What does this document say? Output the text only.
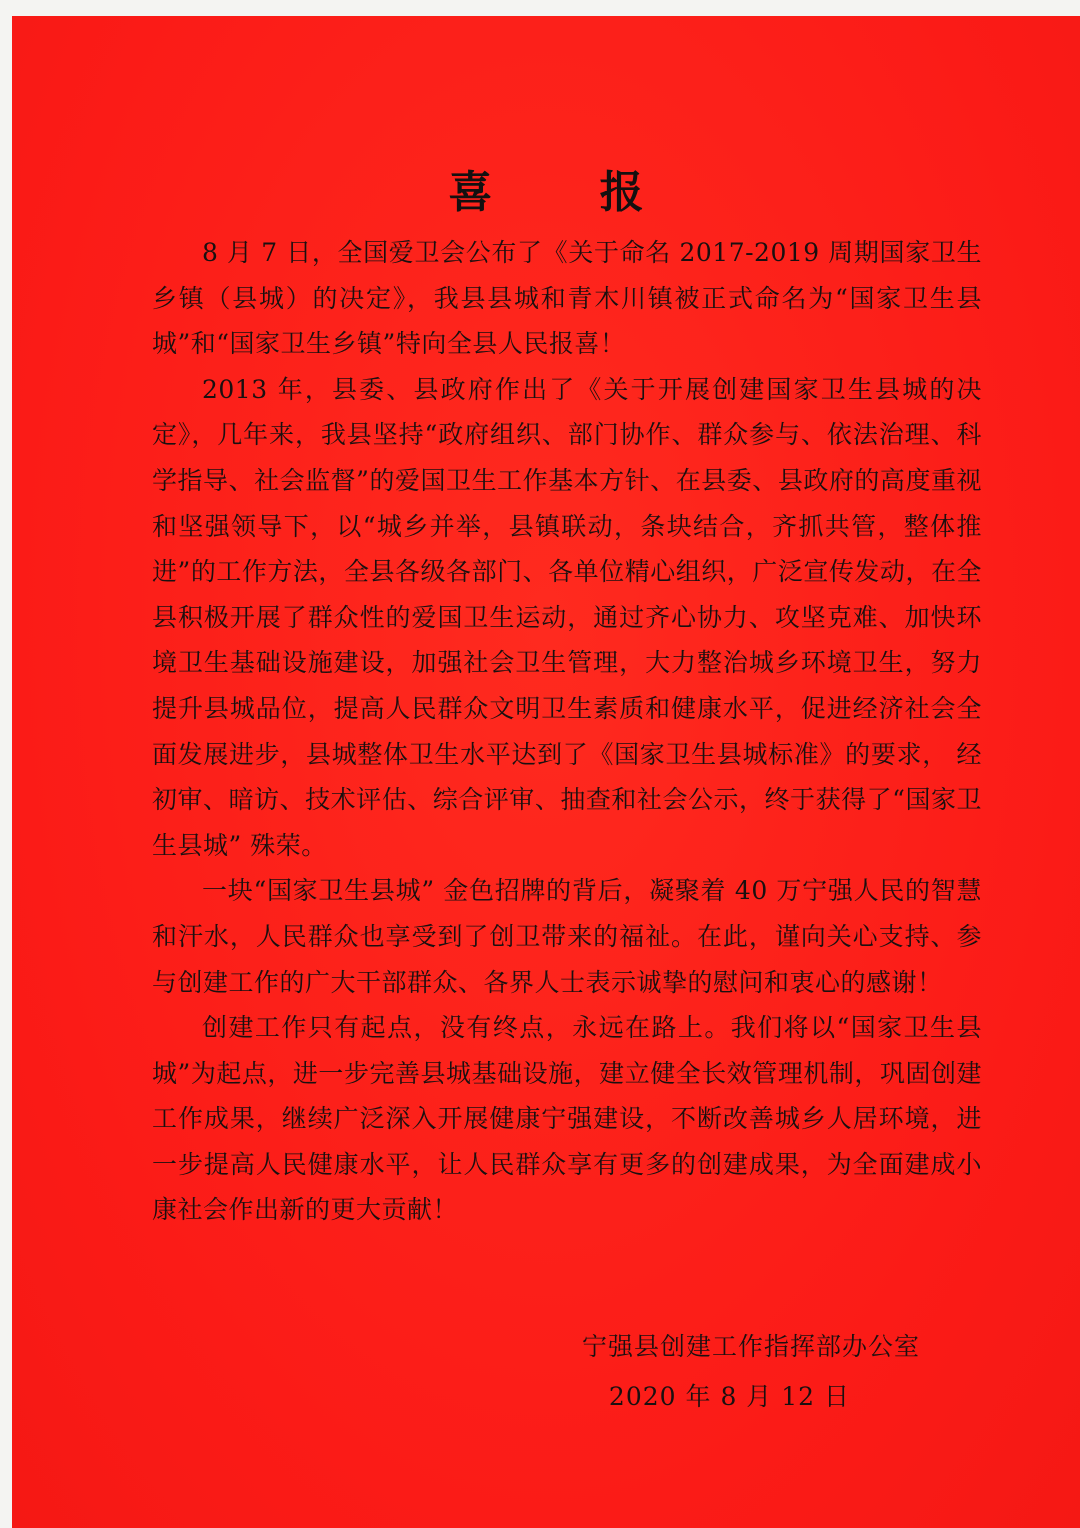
喜 报

8 月 7 日，全国爱卫会公布了《关于命名 2017-2019 周期国家卫生乡镇（县城）的决定》，我县县城和青木川镇被正式命名为“国家卫生县城”和“国家卫生乡镇”特向全县人民报喜！

2013 年，县委、县政府作出了《关于开展创建国家卫生县城的决定》，几年来，我县坚持“政府组织、部门协作、群众参与、依法治理、科学指导、社会监督”的爱国卫生工作基本方针、在县委、县政府的高度重视和坚强领导下，以“城乡并举，县镇联动，条块结合，齐抓共管，整体推进”的工作方法，全县各级各部门、各单位精心组织，广泛宣传发动，在全县积极开展了群众性的爱国卫生运动，通过齐心协力、攻坚克难、加快环境卫生基础设施建设，加强社会卫生管理，大力整治城乡环境卫生，努力提升县城品位，提高人民群众文明卫生素质和健康水平，促进经济社会全面发展进步，县城整体卫生水平达到了《国家卫生县城标准》的要求， 经初审、暗访、技术评估、综合评审、抽查和社会公示，终于获得了“国家卫生县城” 殊荣。

一块“国家卫生县城” 金色招牌的背后，凝聚着 40 万宁强人民的智慧和汗水，人民群众也享受到了创卫带来的福祉。在此，谨向关心支持、参与创建工作的广大干部群众、各界人士表示诚挚的慰问和衷心的感谢！

创建工作只有起点，没有终点，永远在路上。我们将以“国家卫生县城”为起点，进一步完善县城基础设施，建立健全长效管理机制，巩固创建工作成果，继续广泛深入开展健康宁强建设，不断改善城乡人居环境，进一步提高人民健康水平，让人民群众享有更多的创建成果，为全面建成小康社会作出新的更大贡献！

宁强县创建工作指挥部办公室
2020 年 8 月 12 日
